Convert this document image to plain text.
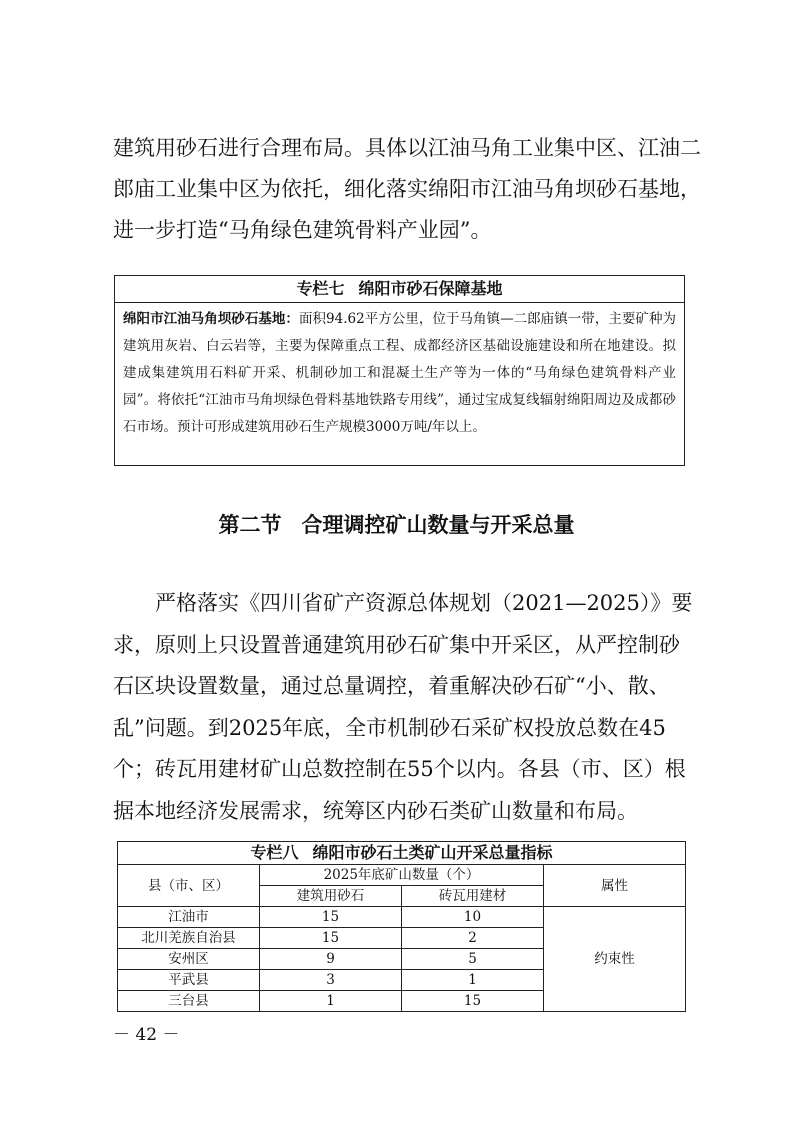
建筑用砂石进行合理布局。具体以江油马角工业集中区、江油二
郎庙工业集中区为依托，细化落实绵阳市江油马角坝砂石基地，
进一步打造“马角绿色建筑骨料产业园”。
专栏七 绵阳市砂石保障基地
绵阳市江油马角坝砂石基地：面积94.62平方公里，位于马角镇—二郎庙镇一带，主要矿种为建筑用灰岩、白云岩等，主要为保障重点工程、成都经济区基础设施建设和所在地建设。拟建成集建筑用石料矿开采、机制砂加工和混凝土生产等为一体的“马角绿色建筑骨料产业园”。将依托“江油市马角坝绿色骨料基地铁路专用线”，通过宝成复线辐射绵阳周边及成都砂石市场。预计可形成建筑用砂石生产规模3000万吨/年以上。
第二节 合理调控矿山数量与开采总量

严格落实《四川省矿产资源总体规划（2021—2025）》要求，原则上只设置普通建筑用砂石矿集中开采区，从严控制砂石区块设置数量，通过总量调控，着重解决砂石矿“小、散、乱”问题。到2025年底，全市机制砂石采矿权投放总数在45个；砖瓦用建材矿山总数控制在55个以内。各县（市、区）根据本地经济发展需求，统筹区内砂石类矿山数量和布局。

专栏八 绵阳市砂石土类矿山开采总量指标			
县（市、区）	2025年底矿山数量（个）		属性
	建筑用砂石	砖瓦用建材	
江油市	15	10	约束性
北川羌族自治县	15	2	
安州区	9	5	
平武县	3	1	
三台县	1	15	
－ 42 －
